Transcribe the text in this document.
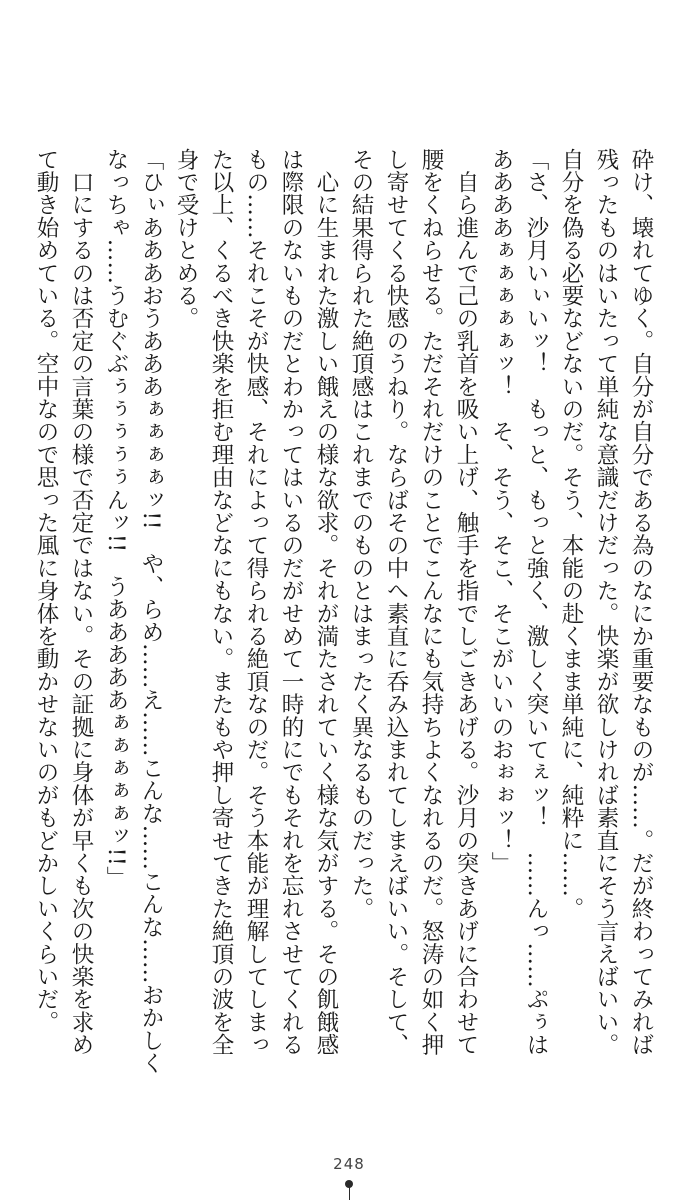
砕け、壊れてゆく。自分が自分である為のなにか重要なものが……。だが終わってみれば残ったものはいたって単純な意識だけだった。快楽が欲しければ素直にそう言えばいい。自分を偽る必要などないのだ。そう、本能の赴くまま単純に、純粋に……。

「さ、沙月いぃいッ！　もっと、もっと強く、激しく突いてぇッ！　……んっ……ぷぅはああああぁぁぁぁぁッ！　そ、そう、そこ、そこがいいのおぉぉッ！」

　自ら進んで己の乳首を吸い上げ、触手を指でしごきあげる。沙月の突きあげに合わせて腰をくねらせる。ただそれだけのことでこんなにも気持ちよくなれるのだ。怒涛の如く押し寄せてくる快感のうねり。ならばその中へ素直に呑み込まれてしまえばいい。そして、その結果得られた絶頂感はこれまでのものとはまったく異なるものだった。

　心に生まれた激しい餓えの様な欲求。それが満たされていく様な気がする。その飢餓感は際限のないものだとわかってはいるのだがせめて一時的にでもそれを忘れさせてくれるもの……それこそが快感、それによって得られる絶頂なのだ。そう本能が理解してしまった以上、くるべき快楽を拒む理由などなにもない。またもや押し寄せてきた絶頂の波を全身で受けとめる。

「ひぃあああおうあああぁぁぁぁッ!!　や、らめ……え……こんな……こんな……おかしくなっちゃ……うむぐぶぅぅぅぅぅんッ!!　うあああああぁぁぁぁぁッ!!」

　口にするのは否定の言葉の様で否定ではない。その証拠に身体が早くも次の快楽を求めて動き始めている。空中なので思った風に身体を動かせないのがもどかしいくらいだ。

248
